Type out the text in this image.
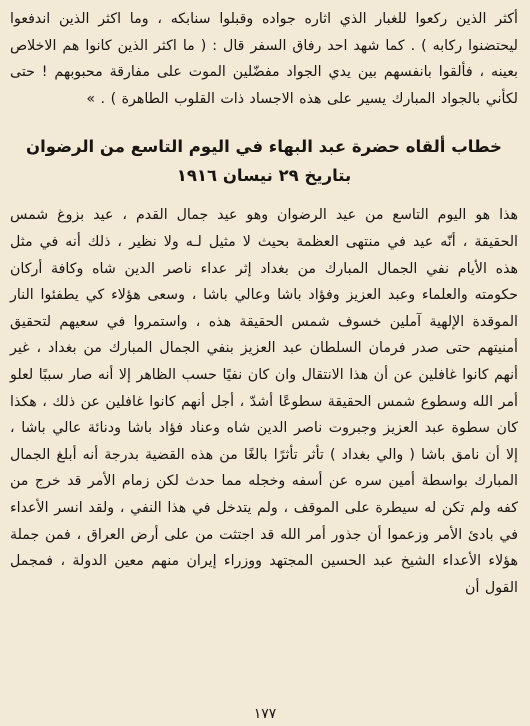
أكثر الذين ركعوا للغبار الذي اثاره جواده وقبلوا سنابكه ، وما اكثر الذين اندفعوا ليحتضنوا ركابه ) . كما شهد احد رفاق السفر قال : ( ما اكثر الذين كانوا هم الاخلاص بعينه ، فألقوا بانفسهم بين يدي الجواد مفضّلين الموت على مفارقة محبوبهم ! حتى لكأني بالجواد المبارك يسير على هذه الاجساد ذات القلوب الطاهرة ) . »

خطاب ألقاه حضرة عبد البهاء في اليوم التاسع من الرضوان
بتاريخ ٢٩ نيسان ١٩١٦

هذا هو اليوم التاسع من عيد الرضوان وهو عيد جمال القدم ، عيد بزوغ شمس الحقيقة ، أنّه عيد في منتهى العظمة بحيث لا مثيل لـه ولا نظير ، ذلك أنه في مثل هذه الأيام نفي الجمال المبارك من بغداد إثر عداء ناصر الدين شاه وكافة أركان حكومته والعلماء وعبد العزيز وفؤاد باشا وعالي باشا ، وسعى هؤلاء كي يطفئوا النار الموقدة الإلهية آملين خسوف شمس الحقيقة هذه ، واستمروا في سعيهم لتحقيق أمنيتهم حتى صدر فرمان السلطان عبد العزيز بنفي الجمال المبارك من بغداد ، غير أنهم كانوا غافلين عن أن هذا الانتقال وان كان نفيًا حسب الظاهر إلا أنه صار سببًا لعلو أمر الله وسطوع شمس الحقيقة سطوعًا أشدّ ، أجل أنهم كانوا غافلين عن ذلك ، هكذا كان سطوة عبد العزيز وجبروت ناصر الدين شاه وعناد فؤاد باشا ودنائة عالي باشا ، إلا أن نامق باشا ( والي بغداد ) تأثر تأثرًا بالغًا من هذه القضية بدرجة أنه أبلغ الجمال المبارك بواسطة أمين سره عن أسفه وخجله مما حدث لكن زمام الأمر قد خرج من كفه ولم تكن له سيطرة على الموقف ، ولم يتدخل في هذا النفي ، ولقد انسر الأعداء في بادئ الأمر وزعموا أن جذور أمر الله قد اجتثت من على أرض العراق ، فمن جملة هؤلاء الأعداء الشيخ عبد الحسين المجتهد ووزراء إيران منهم معين الدولة ، فمجمل القول أن

١٧٧
